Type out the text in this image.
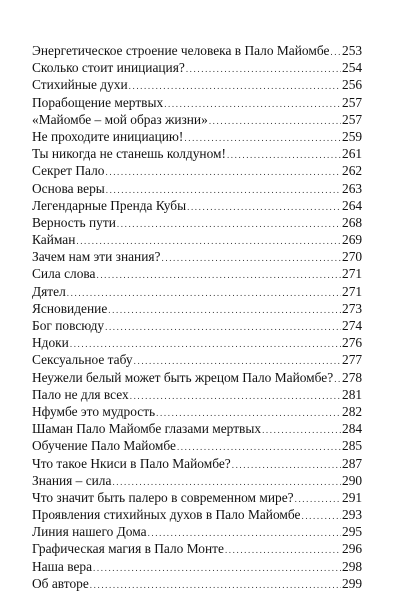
Энергетическое строение человека в Пало Майомбе ..... 253
Сколько стоит инициация? .....	254
Стихийные духи .....	256
Порабощение мертвых .....	257
«Майомбе – мой образ жизни» .....	257
Не проходите инициацию! .....	259
Ты никогда не станешь колдуном! .....	261
Секрет Пало .....	262
Основа веры .....	263
Легендарные Пренда Кубы .....	264
Верность пути .....	268
Кайман .....	269
Зачем нам эти знания? .....	270
Сила слова .....	271
Дятел .....	271
Ясновидение .....	273
Бог повсюду .....	274
Ндоки .....	276
Сексуальное табу .....	277
Неужели белый может быть жрецом Пало Майомбе? ..... 278
Пало не для всех .....	281
Нфумбе это мудрость .....	282
Шаман Пало Майомбе глазами мертвых .....	284
Обучение Пало Майомбе .....	285
Что такое Нкиси в Пало Майомбе? .....	287
Знания – сила .....	290
Что значит быть палеро в современном мире? .....	291
Проявления стихийных духов в Пало Майомбе .....	293
Линия нашего Дома .....	295
Графическая магия в Пало Монте .....	296
Наша вера .....	298
Об авторе .....	299
